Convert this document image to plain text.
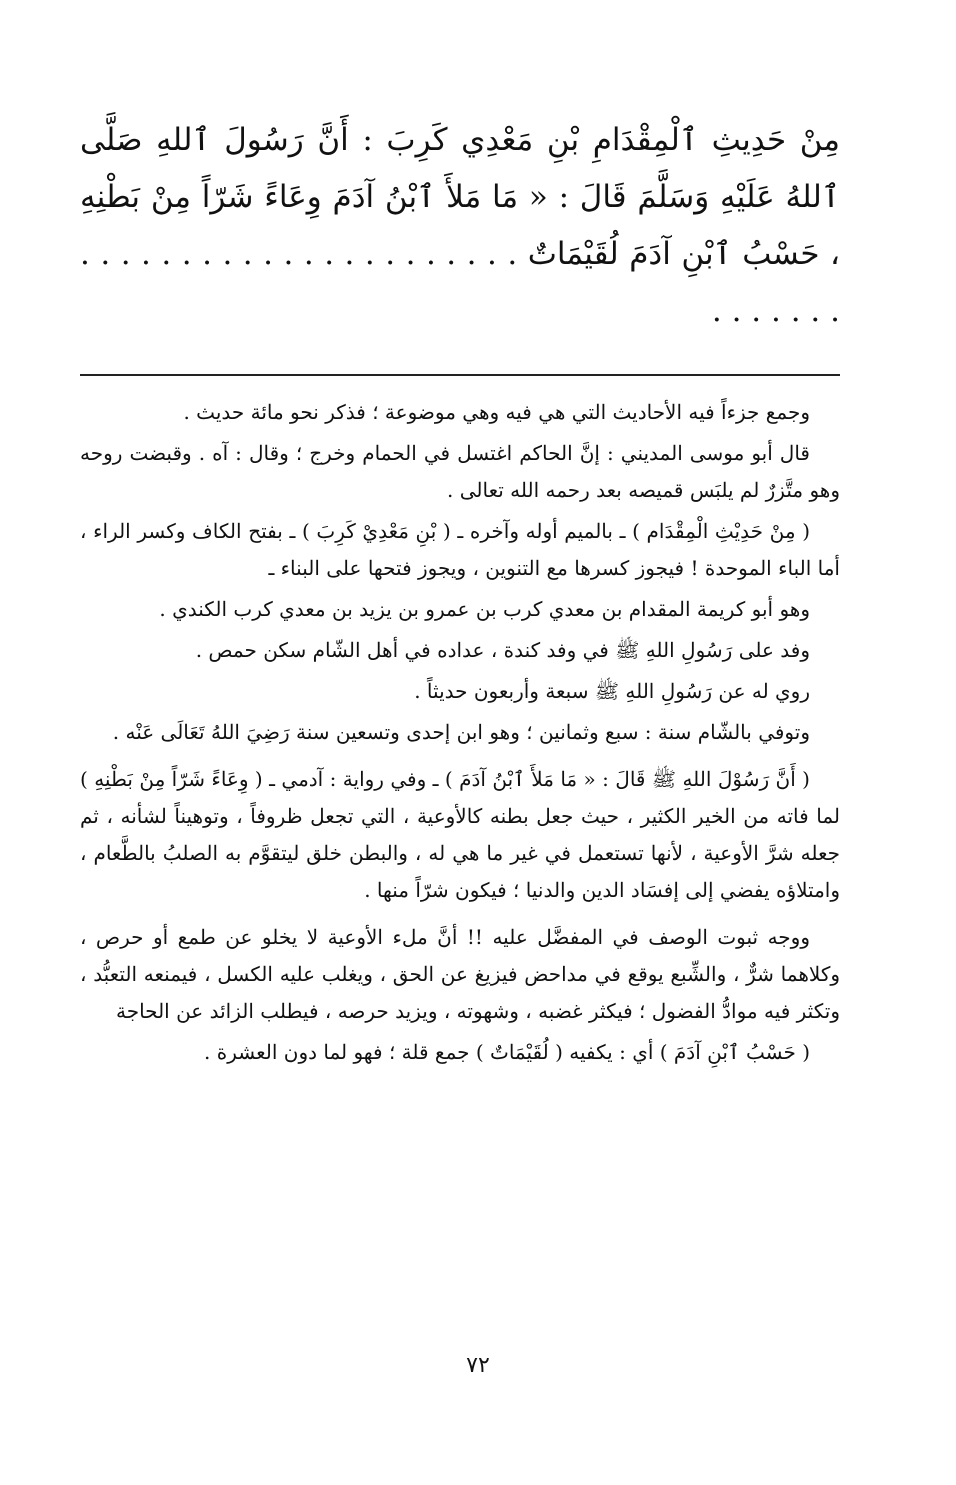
مِنْ حَدِيثِ ٱلْمِقْدَامِ بْنِ مَعْدِي كَرِبَ : أَنَّ رَسُولَ ٱللهِ صَلَّى ٱللهُ عَلَيْهِ وَسَلَّمَ قَالَ : « مَا مَلأَ ٱبْنُ آدَمَ وِعَاءً شَرّاً مِنْ بَطْنِهِ ، حَسْبُ ٱبْنِ آدَمَ لُقَيْمَاتٌ . . . . . . . . . . . . . . . . . . . . . . . . . . . . .

وجمع جزءاً فيه الأحاديث التي هي فيه وهي موضوعة ؛ فذكر نحو مائة حديث .

قال أبو موسى المديني : إنَّ الحاكم اغتسل في الحمام وخرج ؛ وقال : آه . وقبضت روحه وهو متَّزرٌ لم يلبَس قميصه بعد رحمه الله تعالى .

( مِنْ حَدِيْثِ الْمِقْدَام ) ـ بالميم أوله وآخره ـ ( بْنِ مَعْدِيْ كَرِبَ ) ـ بفتح الكاف وكسر الراء ، أما الباء الموحدة ! فيجوز كسرها مع التنوين ، ويجوز فتحها على البناء ـ

وهو أبو كريمة المقدام بن معدي كرب بن عمرو بن يزيد بن معدي كرب الكندي .

وفد على رَسُولِ اللهِ ﷺ في وفد كندة ، عداده في أهل الشّام سكن حمص .

روي له عن رَسُولِ اللهِ ﷺ سبعة وأربعون حديثاً .

وتوفي بالشّام سنة : سبع وثمانين ؛ وهو ابن إحدى وتسعين سنة رَضِيَ اللهُ تَعَالَى عَنْه .

( أَنَّ رَسُوْلَ اللهِ ﷺ قَالَ : « مَا مَلأَ ٱبْنُ آدَمَ ) ـ وفي رواية : آدمي ـ ( وِعَاءً شَرّاً مِنْ بَطْنِهِ ) لما فاته من الخير الكثير ، حيث جعل بطنه كالأوعية ، التي تجعل ظروفاً ، وتوهيناً لشأنه ، ثم جعله شرَّ الأوعية ، لأنها تستعمل في غير ما هي له ، والبطن خلق ليتقوَّم به الصلبُ بالطَّعام ، وامتلاؤه يفضي إلى إفسَاد الدين والدنيا ؛ فيكون شرّاً منها .

ووجه ثبوت الوصف في المفضَّل عليه !! أنَّ ملء الأوعية لا يخلو عن طمع أو حرص ، وكلاهما شرٌّ ، والشِّبع يوقع في مداحض فيزيغ عن الحق ، ويغلب عليه الكسل ، فيمنعه التعبُّد ، وتكثر فيه موادُّ الفضول ؛ فيكثر غضبه ، وشهوته ، ويزيد حرصه ، فيطلب الزائد عن الحاجة

( حَسْبُ ٱبْنِ آدَمَ ) أي : يكفيه ( لُقَيْمَاتٌ ) جمع قلة ؛ فهو لما دون العشرة .

٧٢
